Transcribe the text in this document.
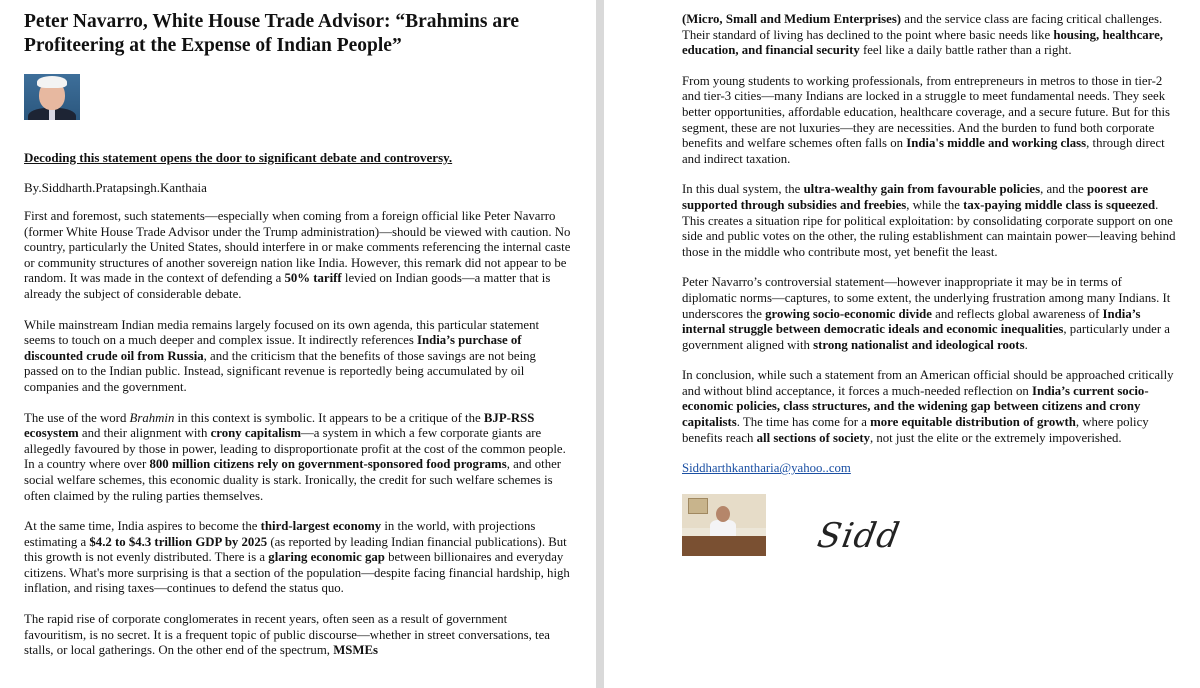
Peter Navarro, White House Trade Advisor: “Brahmins are Profiteering at the Expense of Indian People”
Decoding this statement opens the door to significant debate and controversy.
By.Siddharth.Pratapsingh.Kanthaia

First and foremost, such statements—especially when coming from a foreign official like Peter Navarro (former White House Trade Advisor under the Trump administration)—should be viewed with caution. No country, particularly the United States, should interfere in or make comments referencing the internal caste or community structures of another sovereign nation like India. However, this remark did not appear to be random. It was made in the context of defending a 50% tariff levied on Indian goods—a matter that is already the subject of considerable debate.

While mainstream Indian media remains largely focused on its own agenda, this particular statement seems to touch on a much deeper and complex issue. It indirectly references India’s purchase of discounted crude oil from Russia, and the criticism that the benefits of those savings are not being passed on to the Indian public. Instead, significant revenue is reportedly being accumulated by oil companies and the government.

The use of the word Brahmin in this context is symbolic. It appears to be a critique of the BJP-RSS ecosystem and their alignment with crony capitalism—a system in which a few corporate giants are allegedly favoured by those in power, leading to disproportionate profit at the cost of the common people. In a country where over 800 million citizens rely on government-sponsored food programs, and other social welfare schemes, this economic duality is stark. Ironically, the credit for such welfare schemes is often claimed by the ruling parties themselves.

At the same time, India aspires to become the third-largest economy in the world, with projections estimating a $4.2 to $4.3 trillion GDP by 2025 (as reported by leading Indian financial publications). But this growth is not evenly distributed. There is a glaring economic gap between billionaires and everyday citizens. What's more surprising is that a section of the population—despite facing financial hardship, high inflation, and rising taxes—continues to defend the status quo.

The rapid rise of corporate conglomerates in recent years, often seen as a result of government favouritism, is no secret. It is a frequent topic of public discourse—whether in street conversations, tea stalls, or local gatherings. On the other end of the spectrum, MSMEs

(Micro, Small and Medium Enterprises) and the service class are facing critical challenges. Their standard of living has declined to the point where basic needs like housing, healthcare, education, and financial security feel like a daily battle rather than a right.

From young students to working professionals, from entrepreneurs in metros to those in tier-2 and tier-3 cities—many Indians are locked in a struggle to meet fundamental needs. They seek better opportunities, affordable education, healthcare coverage, and a secure future. But for this segment, these are not luxuries—they are necessities. And the burden to fund both corporate benefits and welfare schemes often falls on India's middle and working class, through direct and indirect taxation.

In this dual system, the ultra-wealthy gain from favourable policies, and the poorest are supported through subsidies and freebies, while the tax-paying middle class is squeezed. This creates a situation ripe for political exploitation: by consolidating corporate support on one side and public votes on the other, the ruling establishment can maintain power—leaving behind those in the middle who contribute most, yet benefit the least.

Peter Navarro’s controversial statement—however inappropriate it may be in terms of diplomatic norms—captures, to some extent, the underlying frustration among many Indians. It underscores the growing socio-economic divide and reflects global awareness of India’s internal struggle between democratic ideals and economic inequalities, particularly under a government aligned with strong nationalist and ideological roots.

In conclusion, while such a statement from an American official should be approached critically and without blind acceptance, it forces a much-needed reflection on India’s current socio-economic policies, class structures, and the widening gap between citizens and crony capitalists. The time has come for a more equitable distribution of growth, where policy benefits reach all sections of society, not just the elite or the extremely impoverished.

Siddharthkantharia@yahoo..com
Sidd
